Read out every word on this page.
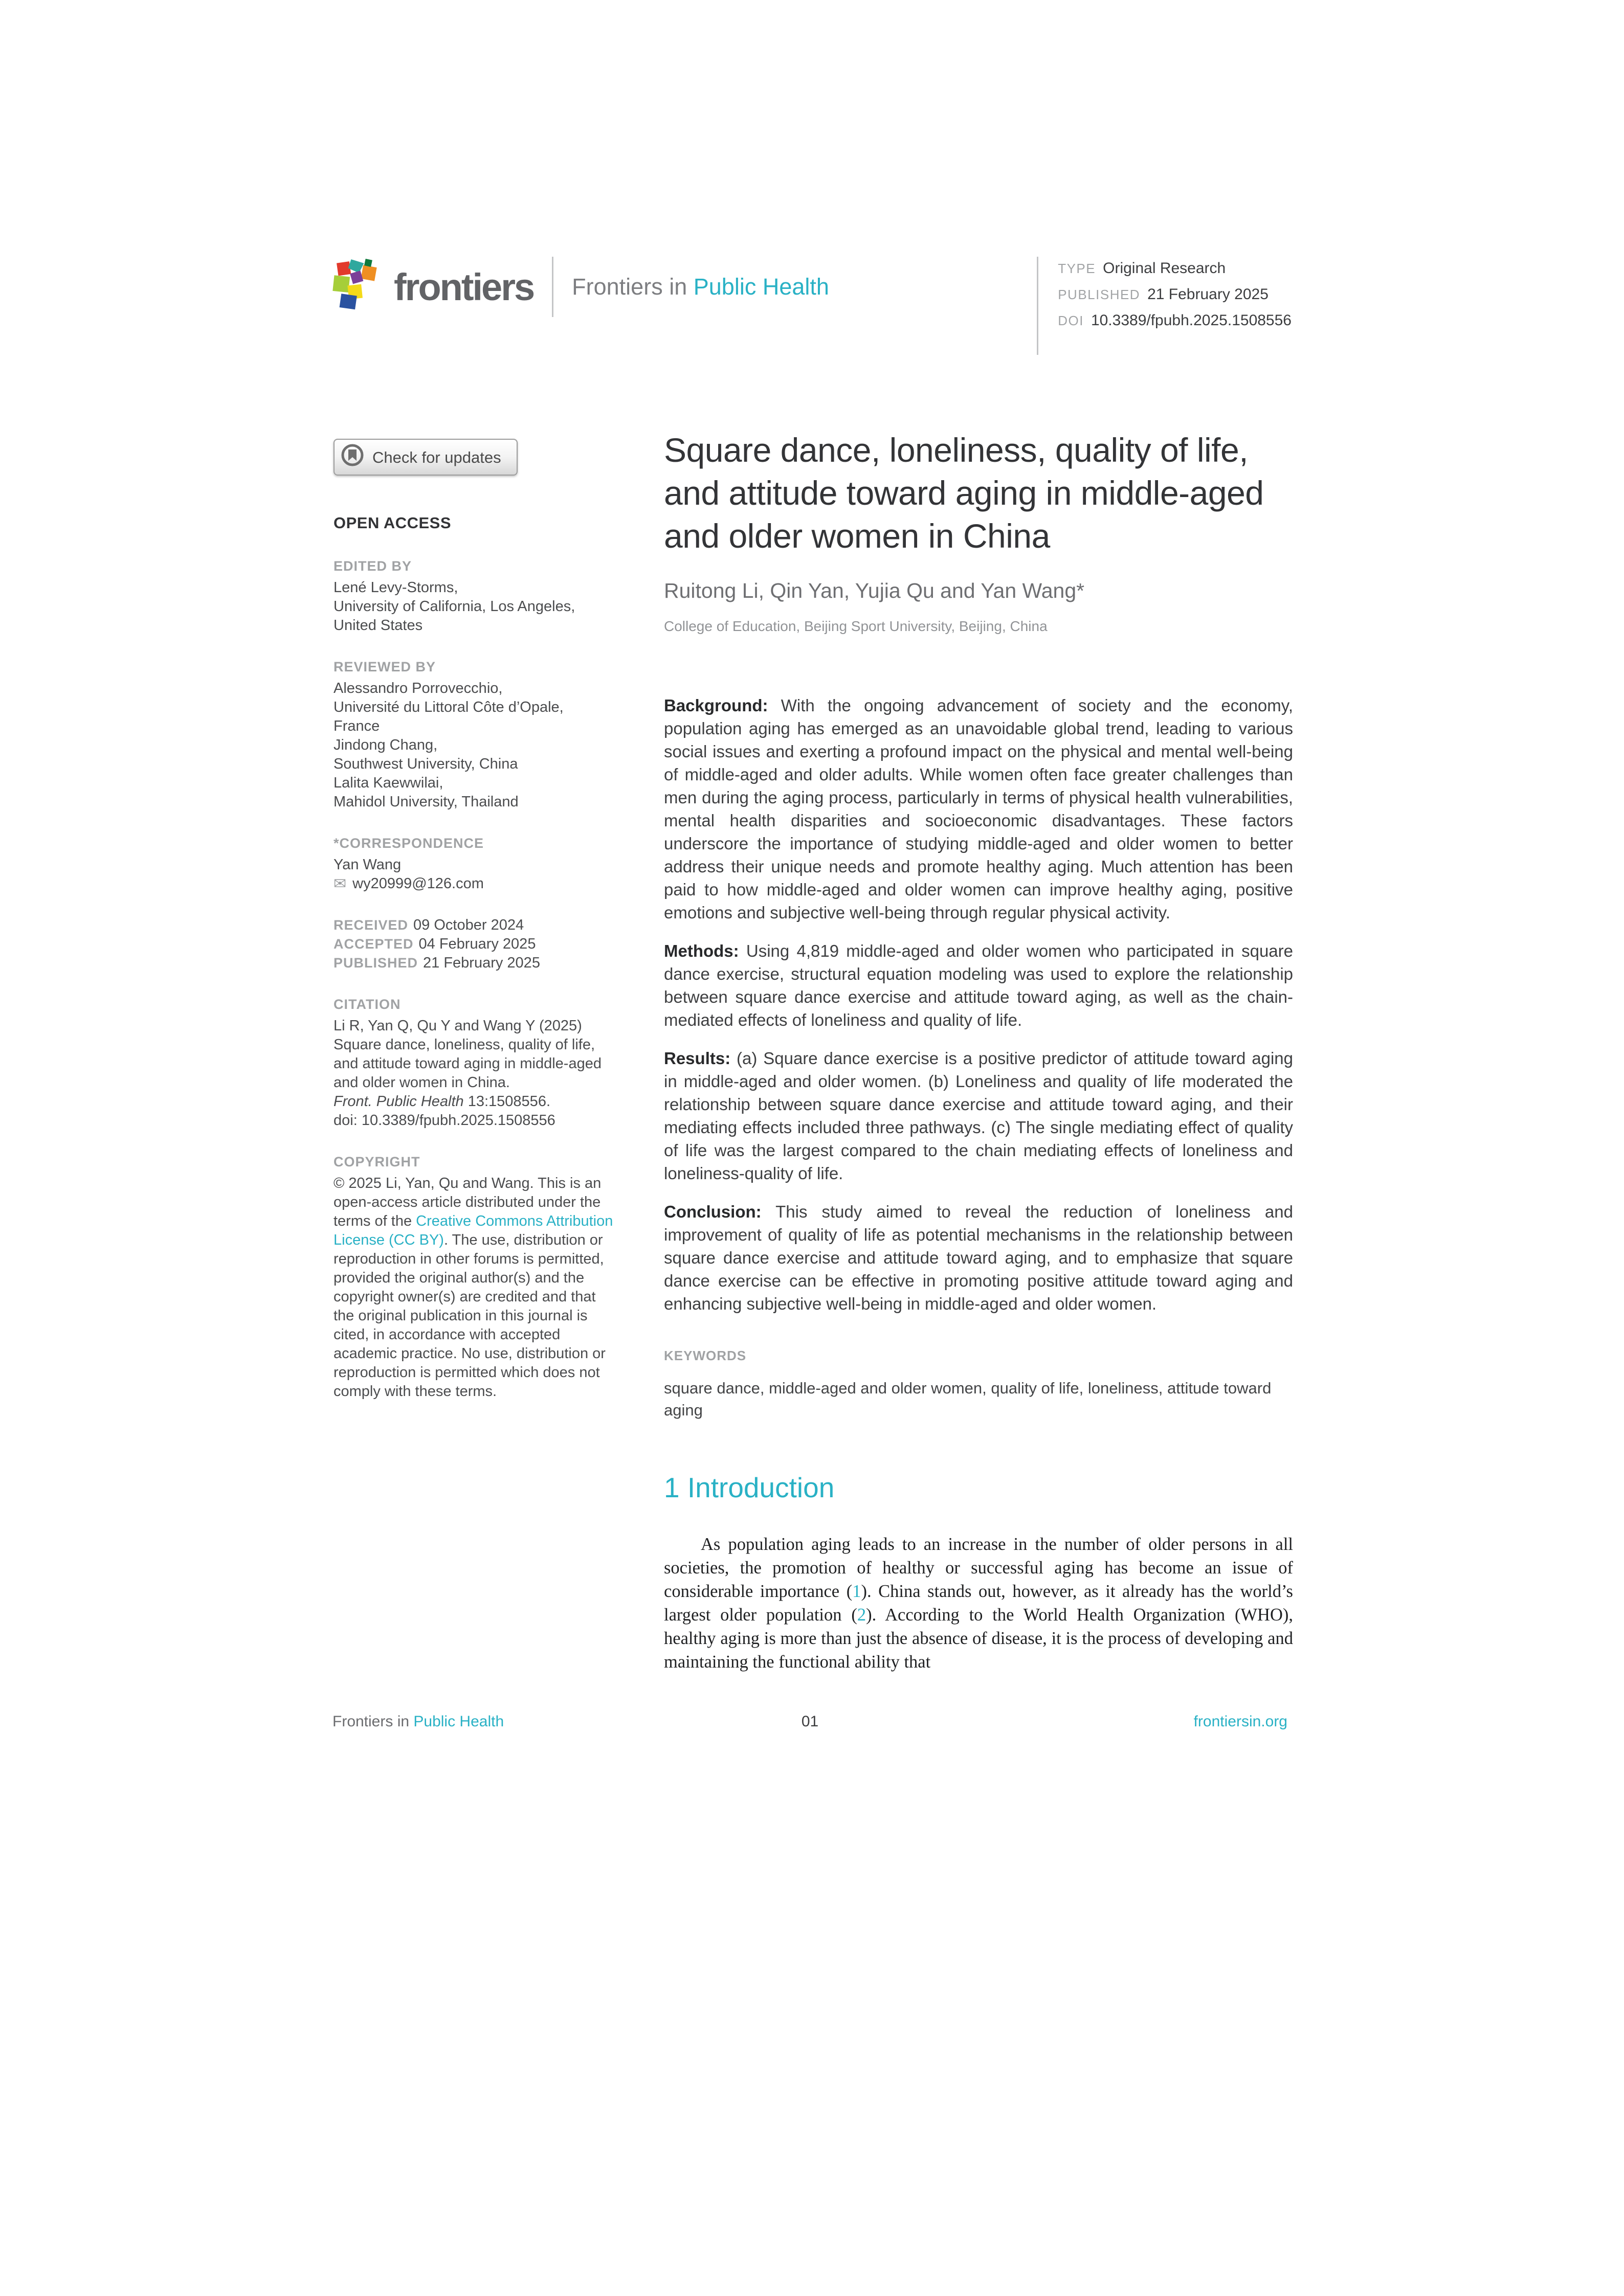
frontiers Frontiers in Public Health
TYPE Original Research
PUBLISHED 21 February 2025
DOI 10.3389/fpubh.2025.1508556
Check for updates
OPEN ACCESS
EDITED BY
Lené Levy-Storms,
University of California, Los Angeles,
United States
REVIEWED BY
Alessandro Porrovecchio,
Université du Littoral Côte d’Opale, France
Jindong Chang,
Southwest University, China
Lalita Kaewwilai,
Mahidol University, Thailand
*CORRESPONDENCE
Yan Wang
✉ wy20999@126.com
RECEIVED 09 October 2024
ACCEPTED 04 February 2025
PUBLISHED 21 February 2025
CITATION
Li R, Yan Q, Qu Y and Wang Y (2025) Square dance, loneliness, quality of life, and attitude toward aging in middle-aged and older women in China.
Front. Public Health 13:1508556.
doi: 10.3389/fpubh.2025.1508556
COPYRIGHT
© 2025 Li, Yan, Qu and Wang. This is an open-access article distributed under the terms of the Creative Commons Attribution License (CC BY). The use, distribution or reproduction in other forums is permitted, provided the original author(s) and the copyright owner(s) are credited and that the original publication in this journal is cited, in accordance with accepted academic practice. No use, distribution or reproduction is permitted which does not comply with these terms.
Square dance, loneliness, quality of life, and attitude toward aging in middle-aged and older women in China
Ruitong Li, Qin Yan, Yujia Qu and Yan Wang*
College of Education, Beijing Sport University, Beijing, China

Background: With the ongoing advancement of society and the economy, population aging has emerged as an unavoidable global trend, leading to various social issues and exerting a profound impact on the physical and mental well-being of middle-aged and older adults. While women often face greater challenges than men during the aging process, particularly in terms of physical health vulnerabilities, mental health disparities and socioeconomic disadvantages. These factors underscore the importance of studying middle-aged and older women to better address their unique needs and promote healthy aging. Much attention has been paid to how middle-aged and older women can improve healthy aging, positive emotions and subjective well-being through regular physical activity.

Methods: Using 4,819 middle-aged and older women who participated in square dance exercise, structural equation modeling was used to explore the relationship between square dance exercise and attitude toward aging, as well as the chain-mediated effects of loneliness and quality of life.

Results: (a) Square dance exercise is a positive predictor of attitude toward aging in middle-aged and older women. (b) Loneliness and quality of life moderated the relationship between square dance exercise and attitude toward aging, and their mediating effects included three pathways. (c) The single mediating effect of quality of life was the largest compared to the chain mediating effects of loneliness and loneliness-quality of life.

Conclusion: This study aimed to reveal the reduction of loneliness and improvement of quality of life as potential mechanisms in the relationship between square dance exercise and attitude toward aging, and to emphasize that square dance exercise can be effective in promoting positive attitude toward aging and enhancing subjective well-being in middle-aged and older women.

KEYWORDS
square dance, middle-aged and older women, quality of life, loneliness, attitude toward aging
1 Introduction
As population aging leads to an increase in the number of older persons in all societies, the promotion of healthy or successful aging has become an issue of considerable importance (1). China stands out, however, as it already has the world’s largest older population (2). According to the World Health Organization (WHO), healthy aging is more than just the absence of disease, it is the process of developing and maintaining the functional ability that
Frontiers in Public Health	01	frontiersin.org
